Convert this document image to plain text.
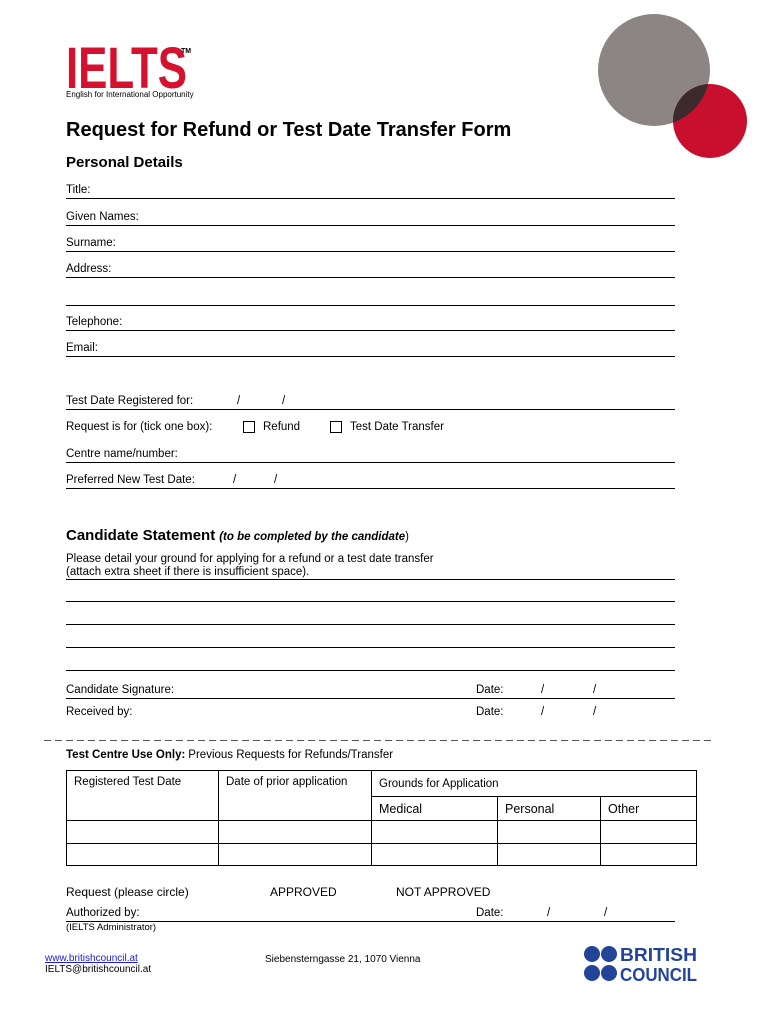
IELTS
TM
English for International Opportunity
Request for Refund or Test Date Transfer Form
Personal Details
Title:
Given Names:
Surname:
Address:
Telephone:
Email:
Test Date Registered for:	/	/
Request is for (tick one box):	Refund	Test Date Transfer
Centre name/number:
Preferred New Test Date:	/	/
Candidate Statement (to be completed by the candidate)
Please detail your ground for applying for a refund or a test date transfer
(attach extra sheet if there is insufficient space).
Candidate Signature:	Date:	/	/
Received by:	Date:	/	/
Test Centre Use Only: Previous Requests for Refunds/Transfer
Registered Test Date	Date of prior application	Grounds for Application		
		Medical	Personal	Other

Request (please circle)	APPROVED	NOT APPROVED
Authorized by:	Date:	/	/
(IELTS Administrator)
www.britishcouncil.at
IELTS@britishcouncil.at
Siebensterngasse 21, 1070 Vienna	BRITISH
COUNCIL
